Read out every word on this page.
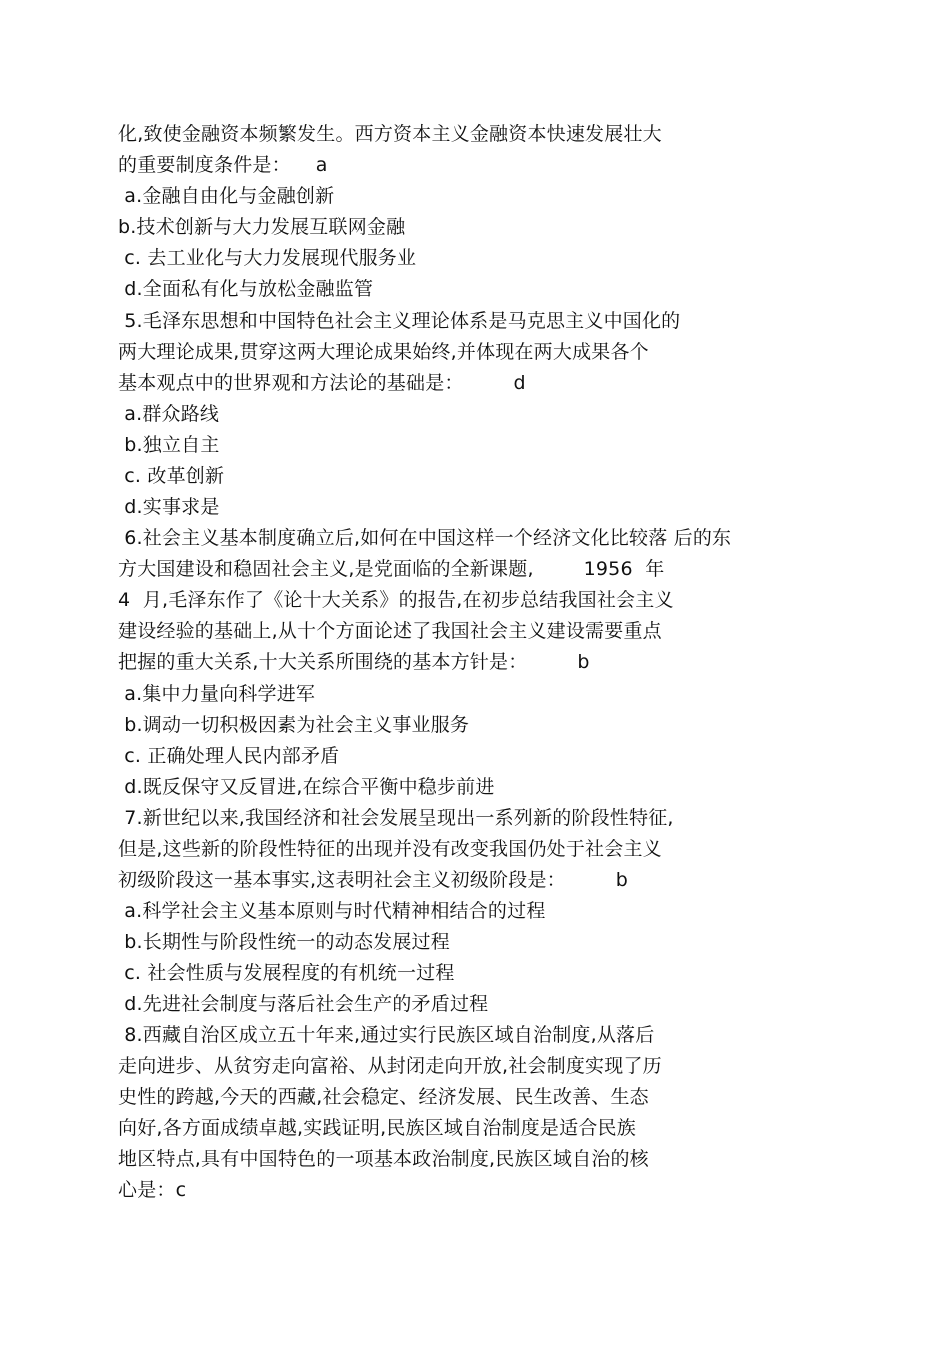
化,致使金融资本频繁发生。西方资本主义金融资本快速发展壮大
的重要制度条件是：    a
a.金融自由化与金融创新
b.技术创新与大力发展互联网金融
c. 去工业化与大力发展现代服务业
d.全面私有化与放松金融监管
5.毛泽东思想和中国特色社会主义理论体系是马克思主义中国化的
两大理论成果,贯穿这两大理论成果始终,并体现在两大成果各个
基本观点中的世界观和方法论的基础是：        d
a.群众路线
b.独立自主
c. 改革创新
d.实事求是
6.社会主义基本制度确立后,如何在中国这样一个经济文化比较落 后的东
方大国建设和稳固社会主义,是党面临的全新课题,        1956  年
4  月,毛泽东作了《论十大关系》的报告,在初步总结我国社会主义
建设经验的基础上,从十个方面论述了我国社会主义建设需要重点
把握的重大关系,十大关系所围绕的基本方针是：        b
a.集中力量向科学进军
b.调动一切积极因素为社会主义事业服务
c. 正确处理人民内部矛盾
d.既反保守又反冒进,在综合平衡中稳步前进
7.新世纪以来,我国经济和社会发展呈现出一系列新的阶段性特征,
但是,这些新的阶段性特征的出现并没有改变我国仍处于社会主义
初级阶段这一基本事实,这表明社会主义初级阶段是：        b
a.科学社会主义基本原则与时代精神相结合的过程
b.长期性与阶段性统一的动态发展过程
c. 社会性质与发展程度的有机统一过程
d.先进社会制度与落后社会生产的矛盾过程
8.西藏自治区成立五十年来,通过实行民族区域自治制度,从落后
走向进步、从贫穷走向富裕、从封闭走向开放,社会制度实现了历
史性的跨越,今天的西藏,社会稳定、经济发展、民生改善、生态
向好,各方面成绩卓越,实践证明,民族区域自治制度是适合民族
地区特点,具有中国特色的一项基本政治制度,民族区域自治的核
心是：c
